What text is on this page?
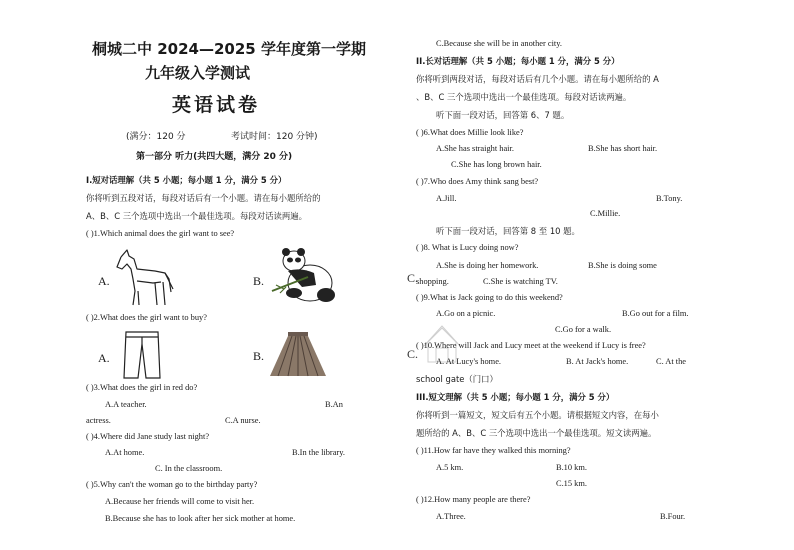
桐城二中 2024—2025 学年度第一学期
九年级入学测试
英语试卷
(满分：120 分	考试时间：120 分钟)
第一部分 听力(共四大题，满分 20 分)
I.短对话理解（共 5 小题；每小题 1 分，满分 5 分）
你将听到五段对话，每段对话后有一个小题。请在每小题所给的
A、B、C 三个选项中选出一个最佳选项。每段对话读两遍。
( )1.Which animal does the girl want to see?
A.	B.
( )2.What does the girl want to buy?
A.	B.
( )3.What does the girl in red do?
A.A teacher.	B.An
actress.	C.A nurse.
( )4.Where did Jane study last night?
A.At home.	B.In the library.
C. In the classroom.
( )5.Why can't the woman go to the birthday party?
A.Because her friends will come to visit her.
B.Because she has to look after her sick mother at home.
C.Because she will be in another city.
II.长对话理解（共 5 小题；每小题 1 分，满分 5 分）
你将听到两段对话，每段对话后有几个小题。请在每小题所给的 A
、B、C 三个选项中选出一个最佳选项。每段对话读两遍。
听下面一段对话，回答第 6、7 题。
( )6.What does Millie look like?
A.She has straight hair.	B.She has short hair.
C.She has long brown hair.
( )7.Who does Amy think sang best?
A.Jill.	B.Tony.
C.Millie.
听下面一段对话，回答第 8 至 10 题。
( )8. What is Lucy doing now?
A.She is doing her homework.	B.She is doing some
shopping.	C.She is watching TV.
C.
( )9.What is Jack going to do this weekend?
A.Go on a picnic.	B.Go out for a film.
C.Go for a walk.
( )10.Where will Jack and Lucy meet at the weekend if Lucy is free?
C.
A. At Lucy's home.	B. At Jack's home.	C. At the
school gate（门口）
III.短文理解（共 5 小题；每小题 1 分，满分 5 分）
你将听到一篇短文，短文后有五个小题。请根据短文内容，在每小
题所给的 A、B、C 三个选项中选出一个最佳选项。短文读两遍。
( )11.How far have they walked this morning?
A.5 km.	B.10 km.
C.15 km.
( )12.How many people are there?
A.Three.	B.Four.
